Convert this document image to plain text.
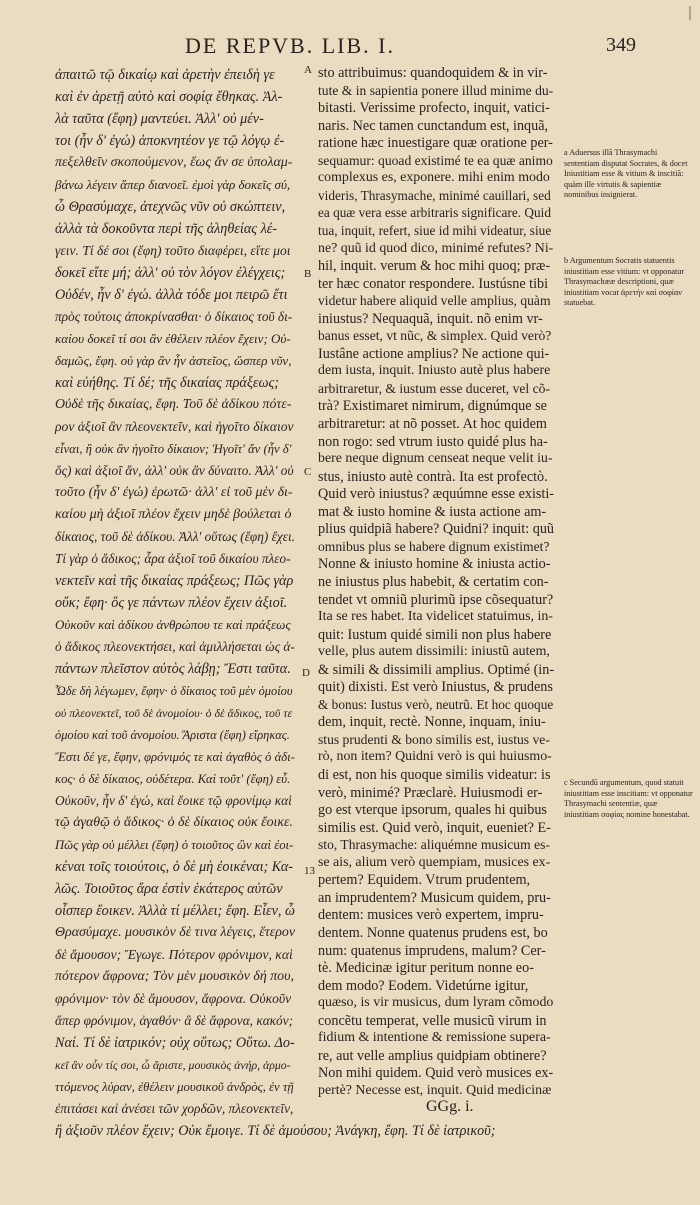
DE REPVB. LIB. I.	349
ἀπαιτῶ τῷ δικαίῳ καὶ ἀρετὴν ἐπειδὴ γε
καὶ ἐν ἀρετῇ αὐτὸ καὶ σοφίᾳ ἔθηκας. Ἀλ-
λὰ ταῦτα (ἔφη) μαντεύει. Ἀλλ' οὐ μέν-
τοι (ἦν δ' ἐγώ) ἀποκνητέον γε τῷ λόγῳ ἐ-
πεξελθεῖν σκοπούμενον, ἕως ἄν σε ὑπολαμ-
βάνω λέγειν ἅπερ διανοεῖ. ἐμοὶ γὰρ δοκεῖς σύ,
ὦ Θρασύμαχε, ἀτεχνῶς νῦν οὐ σκώπτειν,
ἀλλὰ τὰ δοκοῦντα περὶ τῆς ἀληθείας λέ-
γειν. Τί δέ σοι (ἔφη) τοῦτο διαφέρει, εἴτε μοι
δοκεῖ εἴτε μή; ἀλλ' οὐ τὸν λόγον ἐλέγχεις;
Οὐδέν, ἦν δ' ἐγώ. ἀλλὰ τόδε μοι πειρῶ ἔτι
πρὸς τούτοις ἀποκρίνασθαι· ὁ δίκαιος τοῦ δι-
καίου δοκεῖ τί σοι ἂν ἐθέλειν πλέον ἔχειν; Οὐ-
δαμῶς, ἔφη. οὐ γὰρ ἂν ἦν ἀστεῖος, ὥσπερ νῦν,
καὶ εὐήθης. Τί δέ; τῆς δικαίας πράξεως;
Οὐδὲ τῆς δικαίας, ἔφη. Τοῦ δὲ ἀδίκου πότε-
ρον ἀξιοῖ ἂν πλεονεκτεῖν, καὶ ἡγοῖτο δίκαιον
εἶναι, ἢ οὐκ ἂν ἡγοῖτο δίκαιον; Ἡγοῖτ' ἄν (ἦν δ'
ὅς) καὶ ἀξιοῖ ἄν, ἀλλ' οὐκ ἂν δύναιτο. Ἀλλ' οὐ
τοῦτο (ἦν δ' ἐγώ) ἐρωτῶ· ἀλλ' εἰ τοῦ μὲν δι-
καίου μὴ ἀξιοῖ πλέον ἔχειν μηδὲ βούλεται ὁ
δίκαιος, τοῦ δὲ ἀδίκου. Ἀλλ' οὕτως (ἔφη) ἔχει.
Τί γὰρ ὁ ἄδικος; ἆρα ἀξιοῖ τοῦ δικαίου πλεο-
νεκτεῖν καὶ τῆς δικαίας πράξεως; Πῶς γὰρ
οὔκ; ἔφη· ὅς γε πάντων πλέον ἔχειν ἀξιοῖ.
Οὐκοῦν καὶ ἀδίκου ἀνθρώπου τε καὶ πράξεως
ὁ ἄδικος πλεονεκτήσει, καὶ ἁμιλλήσεται ὡς ἁ-
πάντων πλεῖστον αὐτὸς λάβῃ; Ἔστι ταῦτα.
Ὧδε δὴ λέγωμεν, ἔφην· ὁ δίκαιος τοῦ μὲν ὁμοίου
οὐ πλεονεκτεῖ, τοῦ δὲ ἀνομοίου· ὁ δὲ ἄδικος, τοῦ τε
ὁμοίου καὶ τοῦ ἀνομοίου. Ἄριστα (ἔφη) εἴρηκας.
Ἔστι δέ γε, ἔφην, φρόνιμός τε καὶ ἀγαθὸς ὁ ἀδι-
κος· ὁ δὲ δίκαιος, οὐδέτερα. Καὶ τοῦτ' (ἔφη) εὖ.
Οὐκοῦν, ἦν δ' ἐγώ, καὶ ἔοικε τῷ φρονίμῳ καὶ
τῷ ἀγαθῷ ὁ ἄδικος· ὁ δὲ δίκαιος οὐκ ἔοικε.
Πῶς γὰρ οὐ μέλλει (ἔφη) ὁ τοιοῦτος ὢν καὶ ἐοι-
κέναι τοῖς τοιούτοις, ὁ δὲ μὴ ἐοικέναι; Κα-
λῶς. Τοιοῦτος ἄρα ἐστὶν ἑκάτερος αὐτῶν
οἷσπερ ἔοικεν. Ἀλλὰ τί μέλλει; ἔφη. Εἶεν, ὦ
Θρασύμαχε. μουσικὸν δὲ τινα λέγεις, ἕτερον
δὲ ἄμουσον; Ἔγωγε. Πότερον φρόνιμον, καὶ
πότερον ἄφρονα; Τὸν μὲν μουσικὸν δή που,
φρόνιμον· τὸν δὲ ἄμουσον, ἄφρονα. Οὐκοῦν
ἅπερ φρόνιμον, ἀγαθόν· ἃ δὲ ἄφρονα, κακόν;
Ναί. Τί δὲ ἰατρικόν; οὐχ οὕτως; Οὕτω. Δο-
κεῖ ἂν οὖν τίς σοι, ὦ ἄριστε, μουσικὸς ἀνήρ, ἁρμο-
ττόμενος λύραν, ἐθέλειν μουσικοῦ ἀνδρὸς, ἐν τῇ
ἐπιτάσει καὶ ἀνέσει τῶν χορδῶν, πλεονεκτεῖν,
ἢ ἀξιοῦν πλέον ἔχειν; Οὐκ ἔμοιγε. Τί δὲ ἀμούσου; Ἀνάγκη, ἔφη. Τί δὲ ἰατρικοῦ;
sto attribuimus: quandoquidem & in vir-
tute & in sapientia ponere illud minime du-
bitasti. Verissime profecto, inquit, vatici-
naris. Nec tamen cunctandum est, inquã,
ratione hæc inuestigare quæ oratione per-
sequamur: quoad existimé te ea quæ animo
complexus es, exponere. mihi enim modo
videris, Thrasymache, minimé cauillari, sed
ea quæ vera esse arbitraris significare. Quid
tua, inquit, refert, siue id mihi videatur, siue
ne? quũ id quod dico, minimé refutes? Ni-
hil, inquit. verum & hoc mihi quoq; præ-
ter hæc conator respondere. Iustúsne tibi
videtur habere aliquid velle amplius, quàm
iniustus? Nequaquã, inquit. nõ enim vr-
banus esset, vt nũc, & simplex. Quid verò?
Iustâne actione amplius? Ne actione qui-
dem iusta, inquit. Iniusto autè plus habere
arbitraretur, & iustum esse duceret, vel cõ-
trà? Existimaret nimirum, dignúmque se
arbitraretur: at nõ posset. At hoc quidem
non rogo: sed vtrum iusto quidé plus ha-
bere neque dignum censeat neque velit iu-
stus, iniusto autè contrà. Ita est profectò.
Quid verò iniustus? æquúmne esse existi-
mat & iusto homine & iusta actione am-
plius quidpiã habere? Quidni? inquit: quũ
omnibus plus se habere dignum existimet?
Nonne & iniusto homine & iniusta actio-
ne iniustus plus habebit, & certatim con-
tendet vt omniũ plurimũ ipse cõsequatur?
Ita se res habet. Ita videlicet statuimus, in-
quit: Iustum quidé simili non plus habere
velle, plus autem dissimili: iniustũ autem,
& simili & dissimili amplius. Optimé (in-
quit) dixisti. Est verò Iniustus, & prudens
& bonus: Iustus verò, neutrũ. Et hoc quoque
dem, inquit, rectè. Nonne, inquam, iniu-
stus prudenti & bono similis est, iustus ve-
rò, non item? Quidni verò is qui huiusmo-
di est, non his quoque similis videatur: is
verò, minimé? Præclarè. Huiusmodi er-
go est vterque ipsorum, quales hi quibus
similis est. Quid verò, inquit, eueniet? E-
sto, Thrasymache: aliquémne musicum es-
se ais, alium verò quempiam, musices ex-
pertem? Equidem. Vtrum prudentem,
an imprudentem? Musicum quidem, pru-
dentem: musices verò expertem, impru-
dentem. Nonne quatenus prudens est, bo
num: quatenus imprudens, malum? Cer-
tè. Medicinæ igitur peritum nonne eo-
dem modo? Eodem. Videtúrne igitur,
quæso, is vir musicus, dum lyram cõmodo
concẽtu temperat, velle musicũ virum in
fidium & intentione & remissione supera-
re, aut velle amplius quidpiam obtinere?
Non mihi quidem. Quid verò musices ex-
pertè? Necesse est, inquit. Quid medicinæ
A
B
C
D
13
a Aduersus illã Thrasymachi sententiam disputat Socrates, & docet Iniustitiam esse & vitium & inscitiã: quàm ille virtutis & sapientiæ nominibus insignierat.
b Argumentum Socratis statuentis iniustitiam esse vitium: vt opponatur Thrasymachææ descriptioni, quæ iniustitiam vocat ἀρετήν καὶ σοφίαν statuebat.
c Secundũ argumentum, quod statuit iniustitiam esse inscitiam: vt opponatur Thrasymachi sententiæ, quæ iniustitiam σοφίας nomine honestabat.
GGg. i.
